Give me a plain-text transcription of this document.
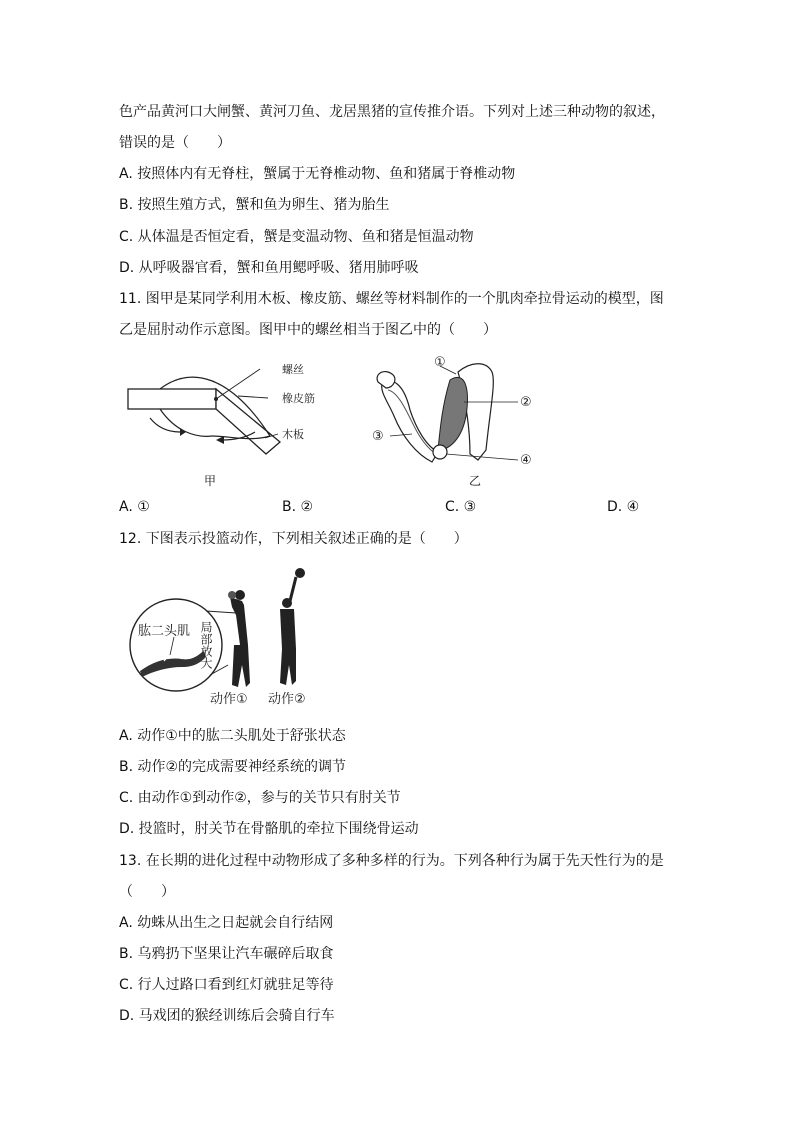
色产品黄河口大闸蟹、黄河刀鱼、龙居黑猪的宣传推介语。下列对上述三种动物的叙述，
错误的是（　　）
A. 按照体内有无脊柱，蟹属于无脊椎动物、鱼和猪属于脊椎动物
B. 按照生殖方式，蟹和鱼为卵生、猪为胎生
C. 从体温是否恒定看，蟹是变温动物、鱼和猪是恒温动物
D. 从呼吸器官看，蟹和鱼用鳃呼吸、猪用肺呼吸
11. 图甲是某同学利用木板、橡皮筋、螺丝等材料制作的一个肌肉牵拉骨运动的模型，图
乙是屈肘动作示意图。图甲中的螺丝相当于图乙中的（　　）
螺丝
橡皮筋
木板
甲
①
②
③
④
乙
A. ①	B. ②	C. ③	D. ④
12. 下图表示投篮动作，下列相关叙述正确的是（　　）
肱二头肌 局部放大
动作① 动作②
A. 动作①中的肱二头肌处于舒张状态
B. 动作②的完成需要神经系统的调节
C. 由动作①到动作②，参与的关节只有肘关节
D. 投篮时，肘关节在骨骼肌的牵拉下围绕骨运动
13. 在长期的进化过程中动物形成了多种多样的行为。下列各种行为属于先天性行为的是
（　　）
A. 幼蛛从出生之日起就会自行结网
B. 乌鸦扔下坚果让汽车碾碎后取食
C. 行人过路口看到红灯就驻足等待
D. 马戏团的猴经训练后会骑自行车
